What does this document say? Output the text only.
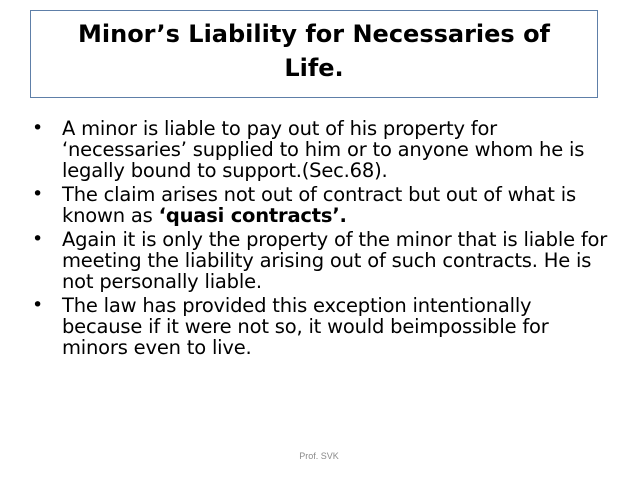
Minor’s Liability for Necessaries of
Life.
• A minor is liable to pay out of his property for ‘necessaries’ supplied to him or to anyone whom he is legally bound to support.(Sec.68).
• The claim arises not out of contract but out of what is known as ‘quasi contracts’.
• Again it is only the property of the minor that is liable for meeting the liability arising out of such contracts. He is not personally liable.
• The law has provided this exception intentionally because if it were not so, it would beimpossible for minors even to live.
Prof. SVK
